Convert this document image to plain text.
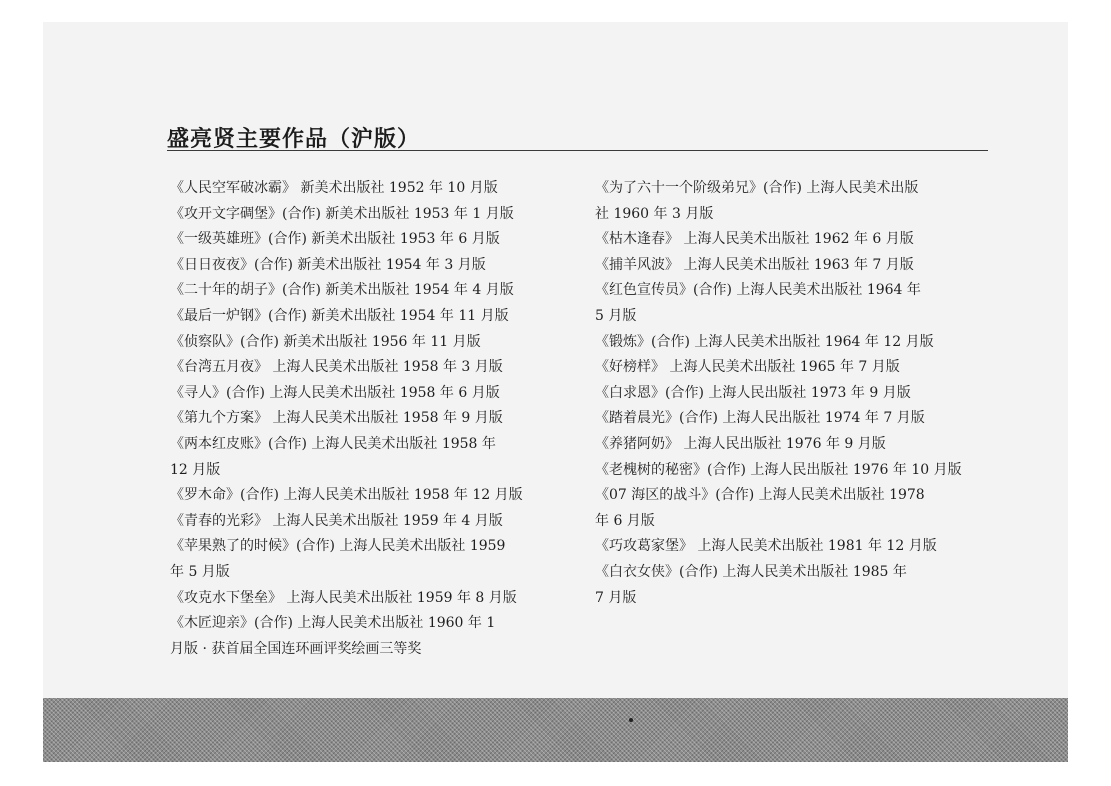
盛亮贤主要作品（沪版）
《人民空军破冰霸》 新美术出版社 1952 年 10 月版
《攻开文字碉堡》(合作) 新美术出版社 1953 年 1 月版
《一级英雄班》(合作) 新美术出版社 1953 年 6 月版
《日日夜夜》(合作) 新美术出版社 1954 年 3 月版
《二十年的胡子》(合作) 新美术出版社 1954 年 4 月版
《最后一炉钢》(合作) 新美术出版社 1954 年 11 月版
《侦察队》(合作) 新美术出版社 1956 年 11 月版
《台湾五月夜》 上海人民美术出版社 1958 年 3 月版
《寻人》(合作) 上海人民美术出版社 1958 年 6 月版
《第九个方案》 上海人民美术出版社 1958 年 9 月版
《两本红皮账》(合作) 上海人民美术出版社 1958 年
12 月版
《罗木命》(合作) 上海人民美术出版社 1958 年 12 月版
《青春的光彩》 上海人民美术出版社 1959 年 4 月版
《苹果熟了的时候》(合作) 上海人民美术出版社 1959
年 5 月版
《攻克水下堡垒》 上海人民美术出版社 1959 年 8 月版
《木匠迎亲》(合作) 上海人民美术出版社 1960 年 1
月版 · 获首届全国连环画评奖绘画三等奖
《为了六十一个阶级弟兄》(合作) 上海人民美术出版
社 1960 年 3 月版
《枯木逢春》 上海人民美术出版社 1962 年 6 月版
《捕羊风波》 上海人民美术出版社 1963 年 7 月版
《红色宣传员》(合作) 上海人民美术出版社 1964 年
5 月版
《锻炼》(合作) 上海人民美术出版社 1964 年 12 月版
《好榜样》 上海人民美术出版社 1965 年 7 月版
《白求恩》(合作) 上海人民出版社 1973 年 9 月版
《踏着晨光》(合作) 上海人民出版社 1974 年 7 月版
《养猪阿奶》 上海人民出版社 1976 年 9 月版
《老槐树的秘密》(合作) 上海人民出版社 1976 年 10 月版
《07 海区的战斗》(合作) 上海人民美术出版社 1978
年 6 月版
《巧攻葛家堡》 上海人民美术出版社 1981 年 12 月版
《白衣女侠》(合作) 上海人民美术出版社 1985 年
7 月版
